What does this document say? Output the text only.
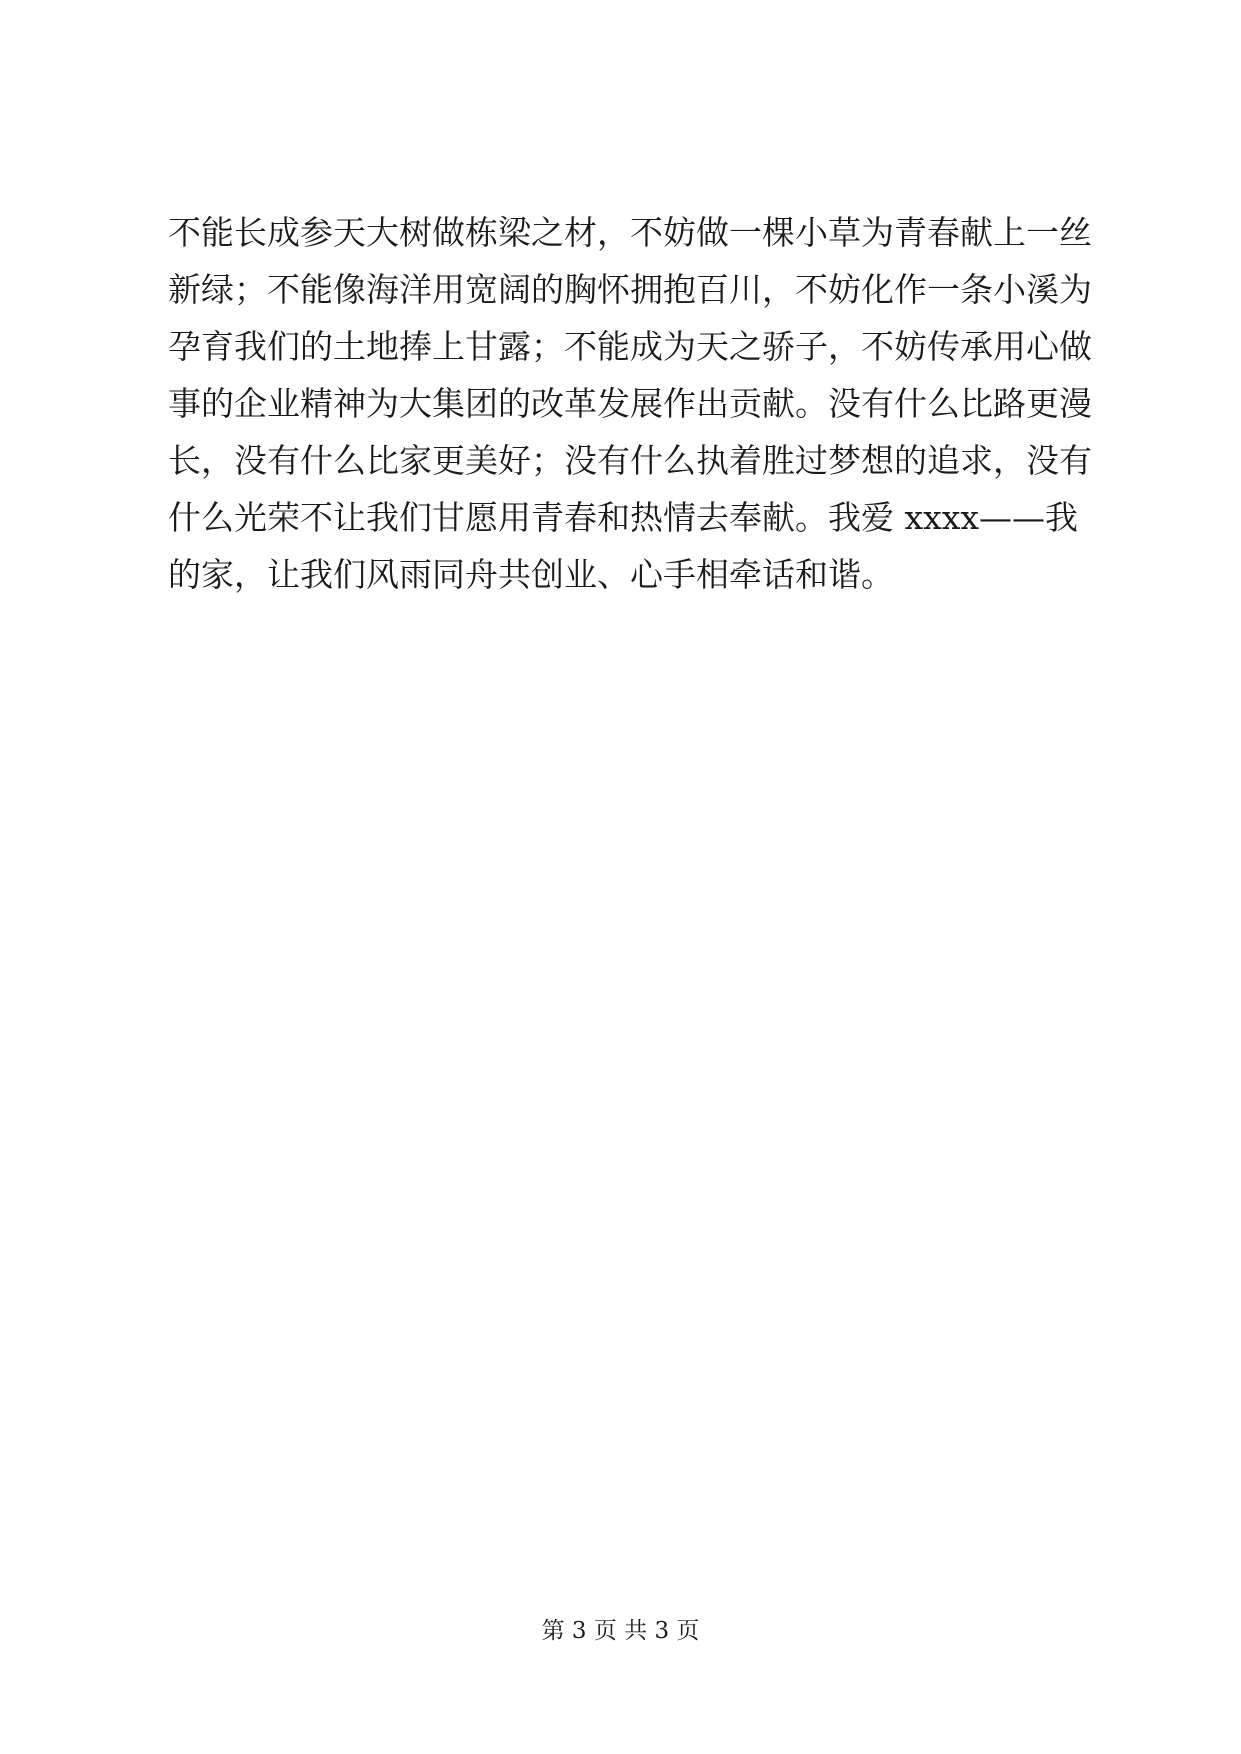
不能长成参天大树做栋梁之材，不妨做一棵小草为青春献上一丝
新绿；不能像海洋用宽阔的胸怀拥抱百川，不妨化作一条小溪为
孕育我们的土地捧上甘露；不能成为天之骄子，不妨传承用心做
事的企业精神为大集团的改革发展作出贡献。没有什么比路更漫
长，没有什么比家更美好；没有什么执着胜过梦想的追求，没有
什么光荣不让我们甘愿用青春和热情去奉献。我爱 xxxx——我
的家，让我们风雨同舟共创业、心手相牵话和谐。
第 3 页 共 3 页
